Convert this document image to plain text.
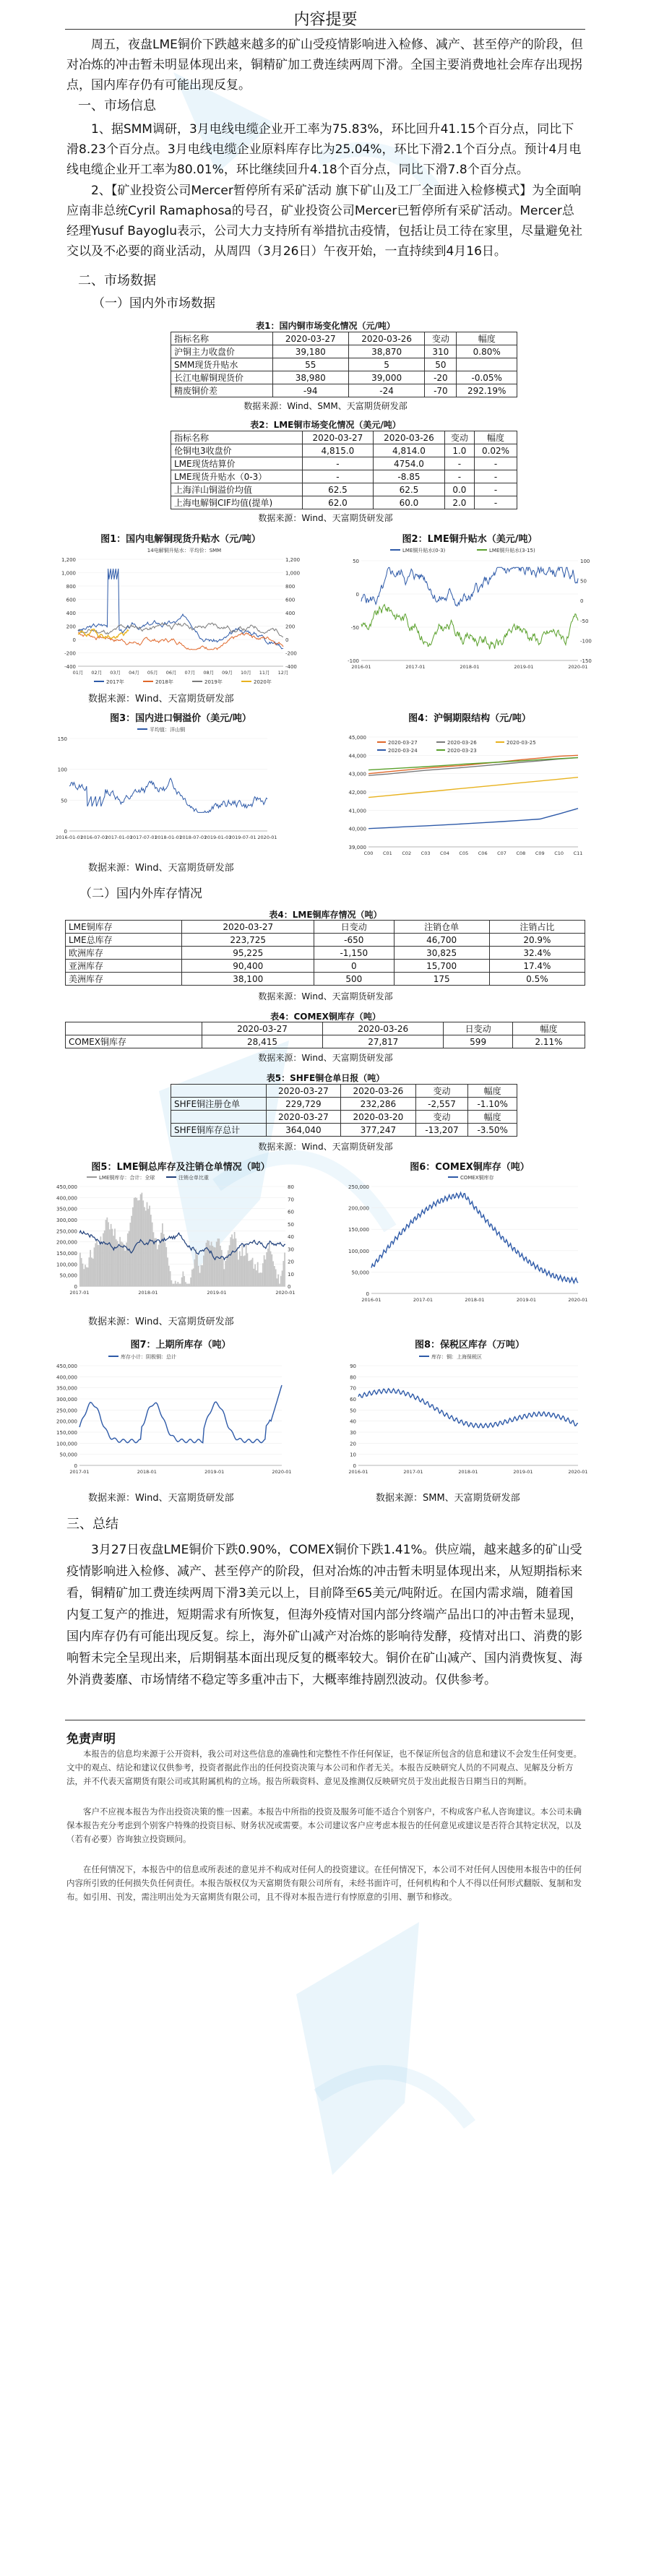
内容提要
周五，夜盘LME铜价下跌越来越多的矿山受疫情影响进入检修、减产、甚至停产的阶段，但对冶炼的冲击暂未明显体现出来，铜精矿加工费连续两周下滑。全国主要消费地社会库存出现拐点，国内库存仍有可能出现反复。
一、市场信息
1、据SMM调研，3月电线电缆企业开工率为75.83%，环比回升41.15个百分点，同比下滑8.23个百分点。3月电线电缆企业原料库存比为25.04%，环比下滑2.1个百分点。预计4月电线电缆企业开工率为80.01%，环比继续回升4.18个百分点，同比下滑7.8个百分点。
2、【矿业投资公司Mercer暂停所有采矿活动 旗下矿山及工厂全面进入检修模式】为全面响应南非总统Cyril Ramaphosa的号召，矿业投资公司Mercer已暂停所有采矿活动。Mercer总经理Yusuf Bayoglu表示，公司大力支持所有举措抗击疫情，包括让员工待在家里，尽量避免社交以及不必要的商业活动，从周四（3月26日）午夜开始，一直持续到4月16日。
二、市场数据
（一）国内外市场数据
表1：国内铜市场变化情况（元/吨）
指标名称	2020-03-27	2020-03-26	变动	幅度
沪铜主力收盘价	39,180	38,870	310	0.80%
SMM现货升贴水	55	5	50	
长江电解铜现货价	38,980	39,000	-20	-0.05%
精废铜价差	-94	-24	-70	292.19%
数据来源：Wind、SMM、天富期货研发部
表2：LME铜市场变化情况（美元/吨）
指标名称	2020-03-27	2020-03-26	变动	幅度
伦铜电3收盘价	4,815.0	4,814.0	1.0	0.02%
LME现货结算价	-	4754.0	-	-
LME现货升贴水（0-3）	-	-8.85	-	-
上海洋山铜溢价均值	62.5	62.5	0.0	-
上海电解铜CIF均值(提单)	62.0	60.0	2.0	-
数据来源：Wind、天富期货研发部
图1：国内电解铜现货升贴水（元/吨）
14电解铜升贴水：平均价：SMM
1,200
1,000
800
600
400
200
0
-200
-400
1,200
1,000
800
600
400
200
0
-200
-400
01月 02月 03月 04月 05月 06月 07月 08月 09月 10月 11月 12月
2017年	2018年	2019年	2020年
图2：LME铜升贴水（美元/吨）
LME铜升贴水(0-3)	LME铜升贴水(3-15)
50
0
-50
-100
100
50
0
-50
-100
-150
2016-01	2017-01	2018-01	2019-01	2020-01
数据来源：Wind、天富期货研发部
图3：国内进口铜溢价（美元/吨）
平均值：洋山铜
150
100
50
0
2016-01-01
2016-07-01
2017-01-01
2017-07-01
2018-01-01
2018-07-01
2019-01-01
2019-07-01 2020-01
图4：沪铜期限结构（元/吨）
45,000
44,000
43,000
42,000
41,000
40,000
39,000
C00 C01 C02 C03 C04 C05 C06 C07 C08 C09 C10 C11
2020-03-27	2020-03-26	2020-03-25
2020-03-24	2020-03-23
数据来源：Wind、天富期货研发部
（二）国内外库存情况
表4：LME铜库存情况（吨）
LME铜库存	2020-03-27	日变动	注销仓单	注销占比
LME总库存	223,725	-650	46,700	20.9%
欧洲库存	95,225	-1,150	30,825	32.4%
亚洲库存	90,400	0	15,700	17.4%
美洲库存	38,100	500	175	0.5%
数据来源：Wind、天富期货研发部
表4：COMEX铜库存（吨）
	2020-03-27	2020-03-26	日变动	幅度
COMEX铜库存	28,415	27,817	599	2.11%
数据来源：Wind、天富期货研发部
表5：SHFE铜仓单日报（吨）
	2020-03-27	2020-03-26	变动	幅度
SHFE铜注册仓单	229,729	232,286	-2,557	-1.10%
	2020-03-27	2020-03-20	变动	幅度
SHFE铜库存总计	364,040	377,247	-13,207	-3.50%
数据来源：Wind、天富期货研发部
图5：LME铜总库存及注销仓单情况（吨）
LME铜库存：合计：全球	注销仓单比重
450,000
400,000
350,000
300,000
250,000
200,000
150,000
100,000
50,000
0
80
70
60
50
40
30
20
10
0
2017-01	2018-01	2019-01	2020-01
图6：COMEX铜库存（吨）
COMEX铜库存
250,000
200,000
150,000
100,000
50,000
0
2016-01	2017-01	2018-01	2019-01	2020-01
数据来源：Wind、天富期货研发部
图7：上期所库存（吨）
库存小计：阴极铜：总计
450,000
400,000
350,000
300,000
250,000
200,000
150,000
100,000
50,000
0
2017-01	2018-01	2019-01	2020-01
图8：保税区库存（万吨）
库存：铜：上海保税区
90
80
70
60
50
40
30
20
10
0
2016-01	2017-01	2018-01	2019-01	2020-01
数据来源：Wind、天富期货研发部	数据来源：SMM、天富期货研发部
三、总结
3月27日夜盘LME铜价下跌0.90%，COMEX铜价下跌1.41%。供应端，越来越多的矿山受疫情影响进入检修、减产、甚至停产的阶段，但对冶炼的冲击暂未明显体现出来，从短期指标来看，铜精矿加工费连续两周下滑3美元以上，目前降至65美元/吨附近。在国内需求端，随着国内复工复产的推进，短期需求有所恢复，但海外疫情对国内部分终端产品出口的冲击暂未显现，国内库存仍有可能出现反复。综上，海外矿山减产对冶炼的影响待发酵，疫情对出口、消费的影响暂未完全呈现出来，后期铜基本面出现反复的概率较大。铜价在矿山减产、国内消费恢复、海外消费萎靡、市场情绪不稳定等多重冲击下，大概率维持剧烈波动。仅供参考。
免责声明
本报告的信息均来源于公开资料，我公司对这些信息的准确性和完整性不作任何保证，也不保证所包含的信息和建议不会发生任何变更。文中的观点、结论和建议仅供参考，投资者据此作出的任何投资决策与本公司和作者无关。本报告反映研究人员的不同观点、见解及分析方法，并不代表天富期货有限公司或其附属机构的立场。报告所载资料、意见及推测仅反映研究员于发出此报告日期当日的判断。
客户不应视本报告为作出投资决策的惟一因素。本报告中所指的投资及服务可能不适合个别客户，不构成客户私人咨询建议。本公司未确保本报告充分考虑到个别客户特殊的投资目标、财务状况或需要。本公司建议客户应考虑本报告的任何意见或建议是否符合其特定状况，以及（若有必要）咨询独立投资顾问。
在任何情况下，本报告中的信息或所表述的意见并不构成对任何人的投资建议。在任何情况下，本公司不对任何人因使用本报告中的任何内容所引致的任何损失负任何责任。本报告版权仅为天富期货有限公司所有，未经书面许可，任何机构和个人不得以任何形式翻版、复制和发布。如引用、刊发，需注明出处为天富期货有限公司，且不得对本报告进行有悖原意的引用、删节和修改。
